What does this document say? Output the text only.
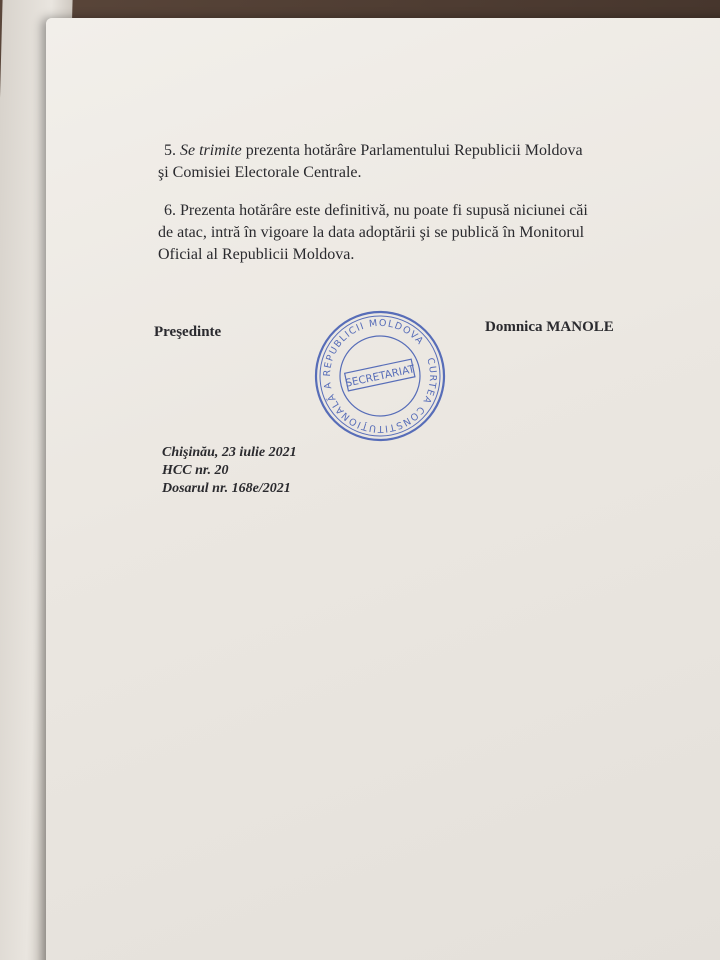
5. Se trimite prezenta hotărâre Parlamentului Republicii Moldova
şi Comisiei Electorale Centrale.
6. Prezenta hotărâre este definitivă, nu poate fi supusă niciunei căi
de atac, intră în vigoare la data adoptării şi se publică în Monitorul
Oficial al Republicii Moldova.
Preşedinte	Domnica MANOLE
CURTEA CONSTITUŢIONALĂ A REPUBLICII MOLDOVA
SECRETARIAT
Chişinău, 23 iulie 2021
HCC nr. 20
Dosarul nr. 168e/2021
